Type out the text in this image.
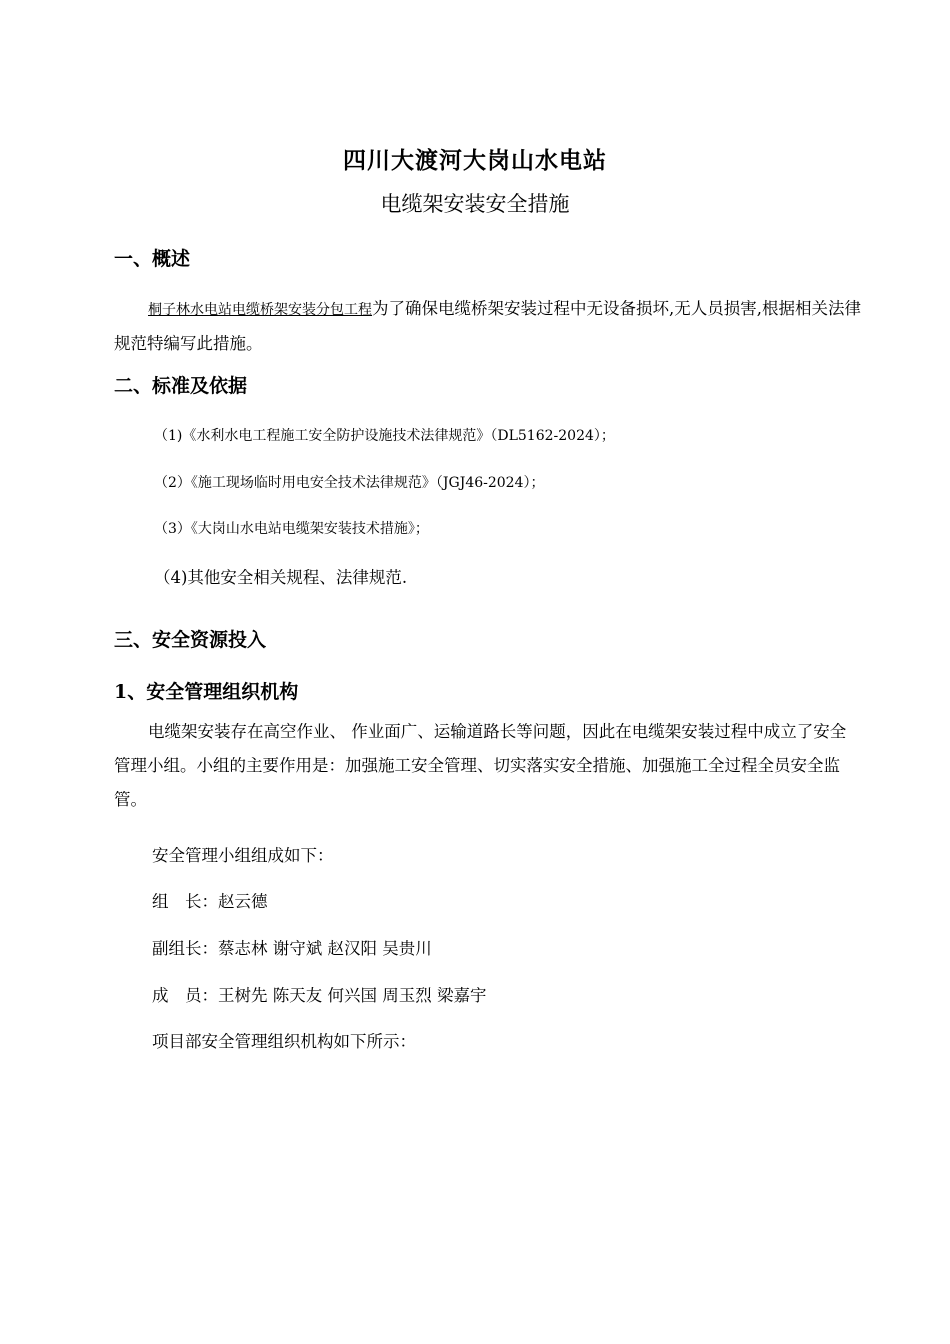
四川大渡河大岗山水电站
电缆架安装安全措施
一、概述
桐子林水电站电缆桥架安装分包工程为了确保电缆桥架安装过程中无设备损坏,无人员损害,根据相关法律规范特编写此措施。
二、标准及依据
（1)《水利水电工程施工安全防护设施技术法律规范》（DL5162-2024）；
（2）《施工现场临时用电安全技术法律规范》（JGJ46-2024）；
（3）《大岗山水电站电缆架安装技术措施》；
（4)其他安全相关规程、法律规范.
三、安全资源投入
1、安全管理组织机构
电缆架安装存在高空作业、 作业面广、运输道路长等问题，因此在电缆架安装过程中成立了安全管理小组。小组的主要作用是：加强施工安全管理、切实落实安全措施、加强施工全过程全员安全监管。
安全管理小组组成如下：
组　长：赵云德
副组长：蔡志林 谢守斌 赵汉阳 吴贵川
成　员：王树先 陈天友 何兴国 周玉烈 梁嘉宇
项目部安全管理组织机构如下所示：
